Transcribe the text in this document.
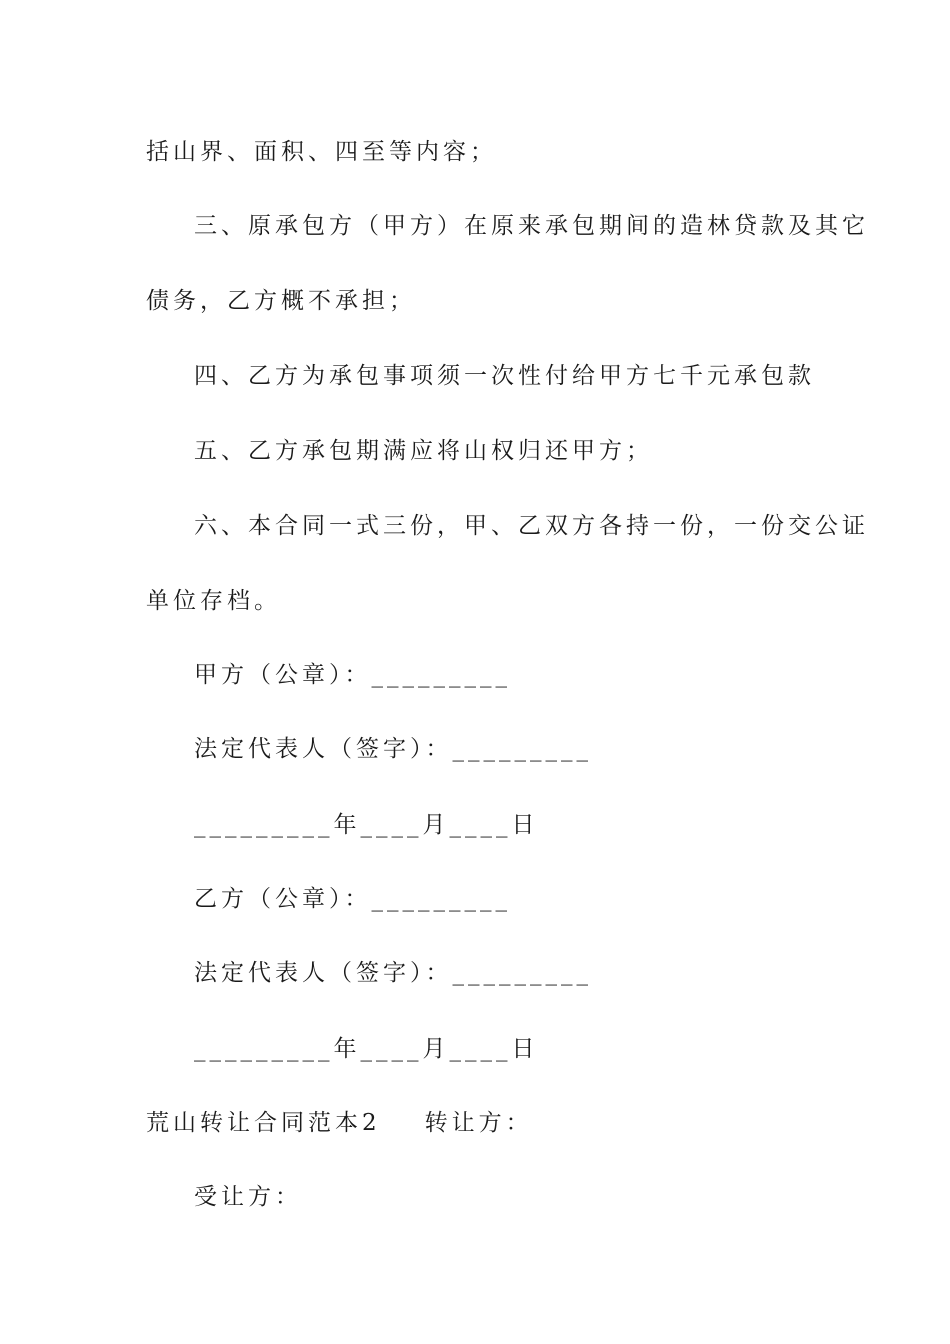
括山界、面积、四至等内容；
三、原承包方（甲方）在原来承包期间的造林贷款及其它
债务，乙方概不承担；
四、乙方为承包事项须一次性付给甲方七千元承包款
五、乙方承包期满应将山权归还甲方；
六、本合同一式三份，甲、乙双方各持一份，一份交公证
单位存档。
甲方（公章）：_________
法定代表人（签字）：_________
_________年____月____日
乙方（公章）：_________
法定代表人（签字）：_________
_________年____月____日
荒山转让合同范本2 转让方：
受让方：
